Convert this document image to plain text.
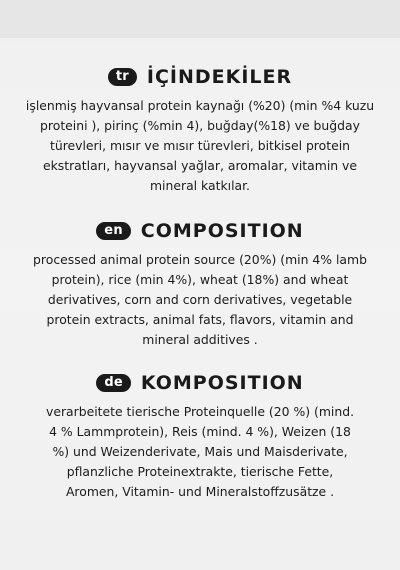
tr İÇİNDEKİLER
işlenmiş hayvansal protein kaynağı (%20) (min %4 kuzu
proteini ), pirinç (%min 4), buğday(%18) ve buğday
türevleri, mısır ve mısır türevleri, bitkisel protein
ekstratları, hayvansal yağlar, aromalar, vitamin ve
mineral katkılar.
en COMPOSITION
processed animal protein source (20%) (min 4% lamb
protein), rice (min 4%), wheat (18%) and wheat
derivatives, corn and corn derivatives, vegetable
protein extracts, animal fats, flavors, vitamin and
mineral additives .
de KOMPOSITION
verarbeitete tierische Proteinquelle (20 %) (mind.
4 % Lammprotein), Reis (mind. 4 %), Weizen (18
%) und Weizenderivate, Mais und Maisderivate,
pflanzliche Proteinextrakte, tierische Fette,
Aromen, Vitamin- und Mineralstoffzusätze .
